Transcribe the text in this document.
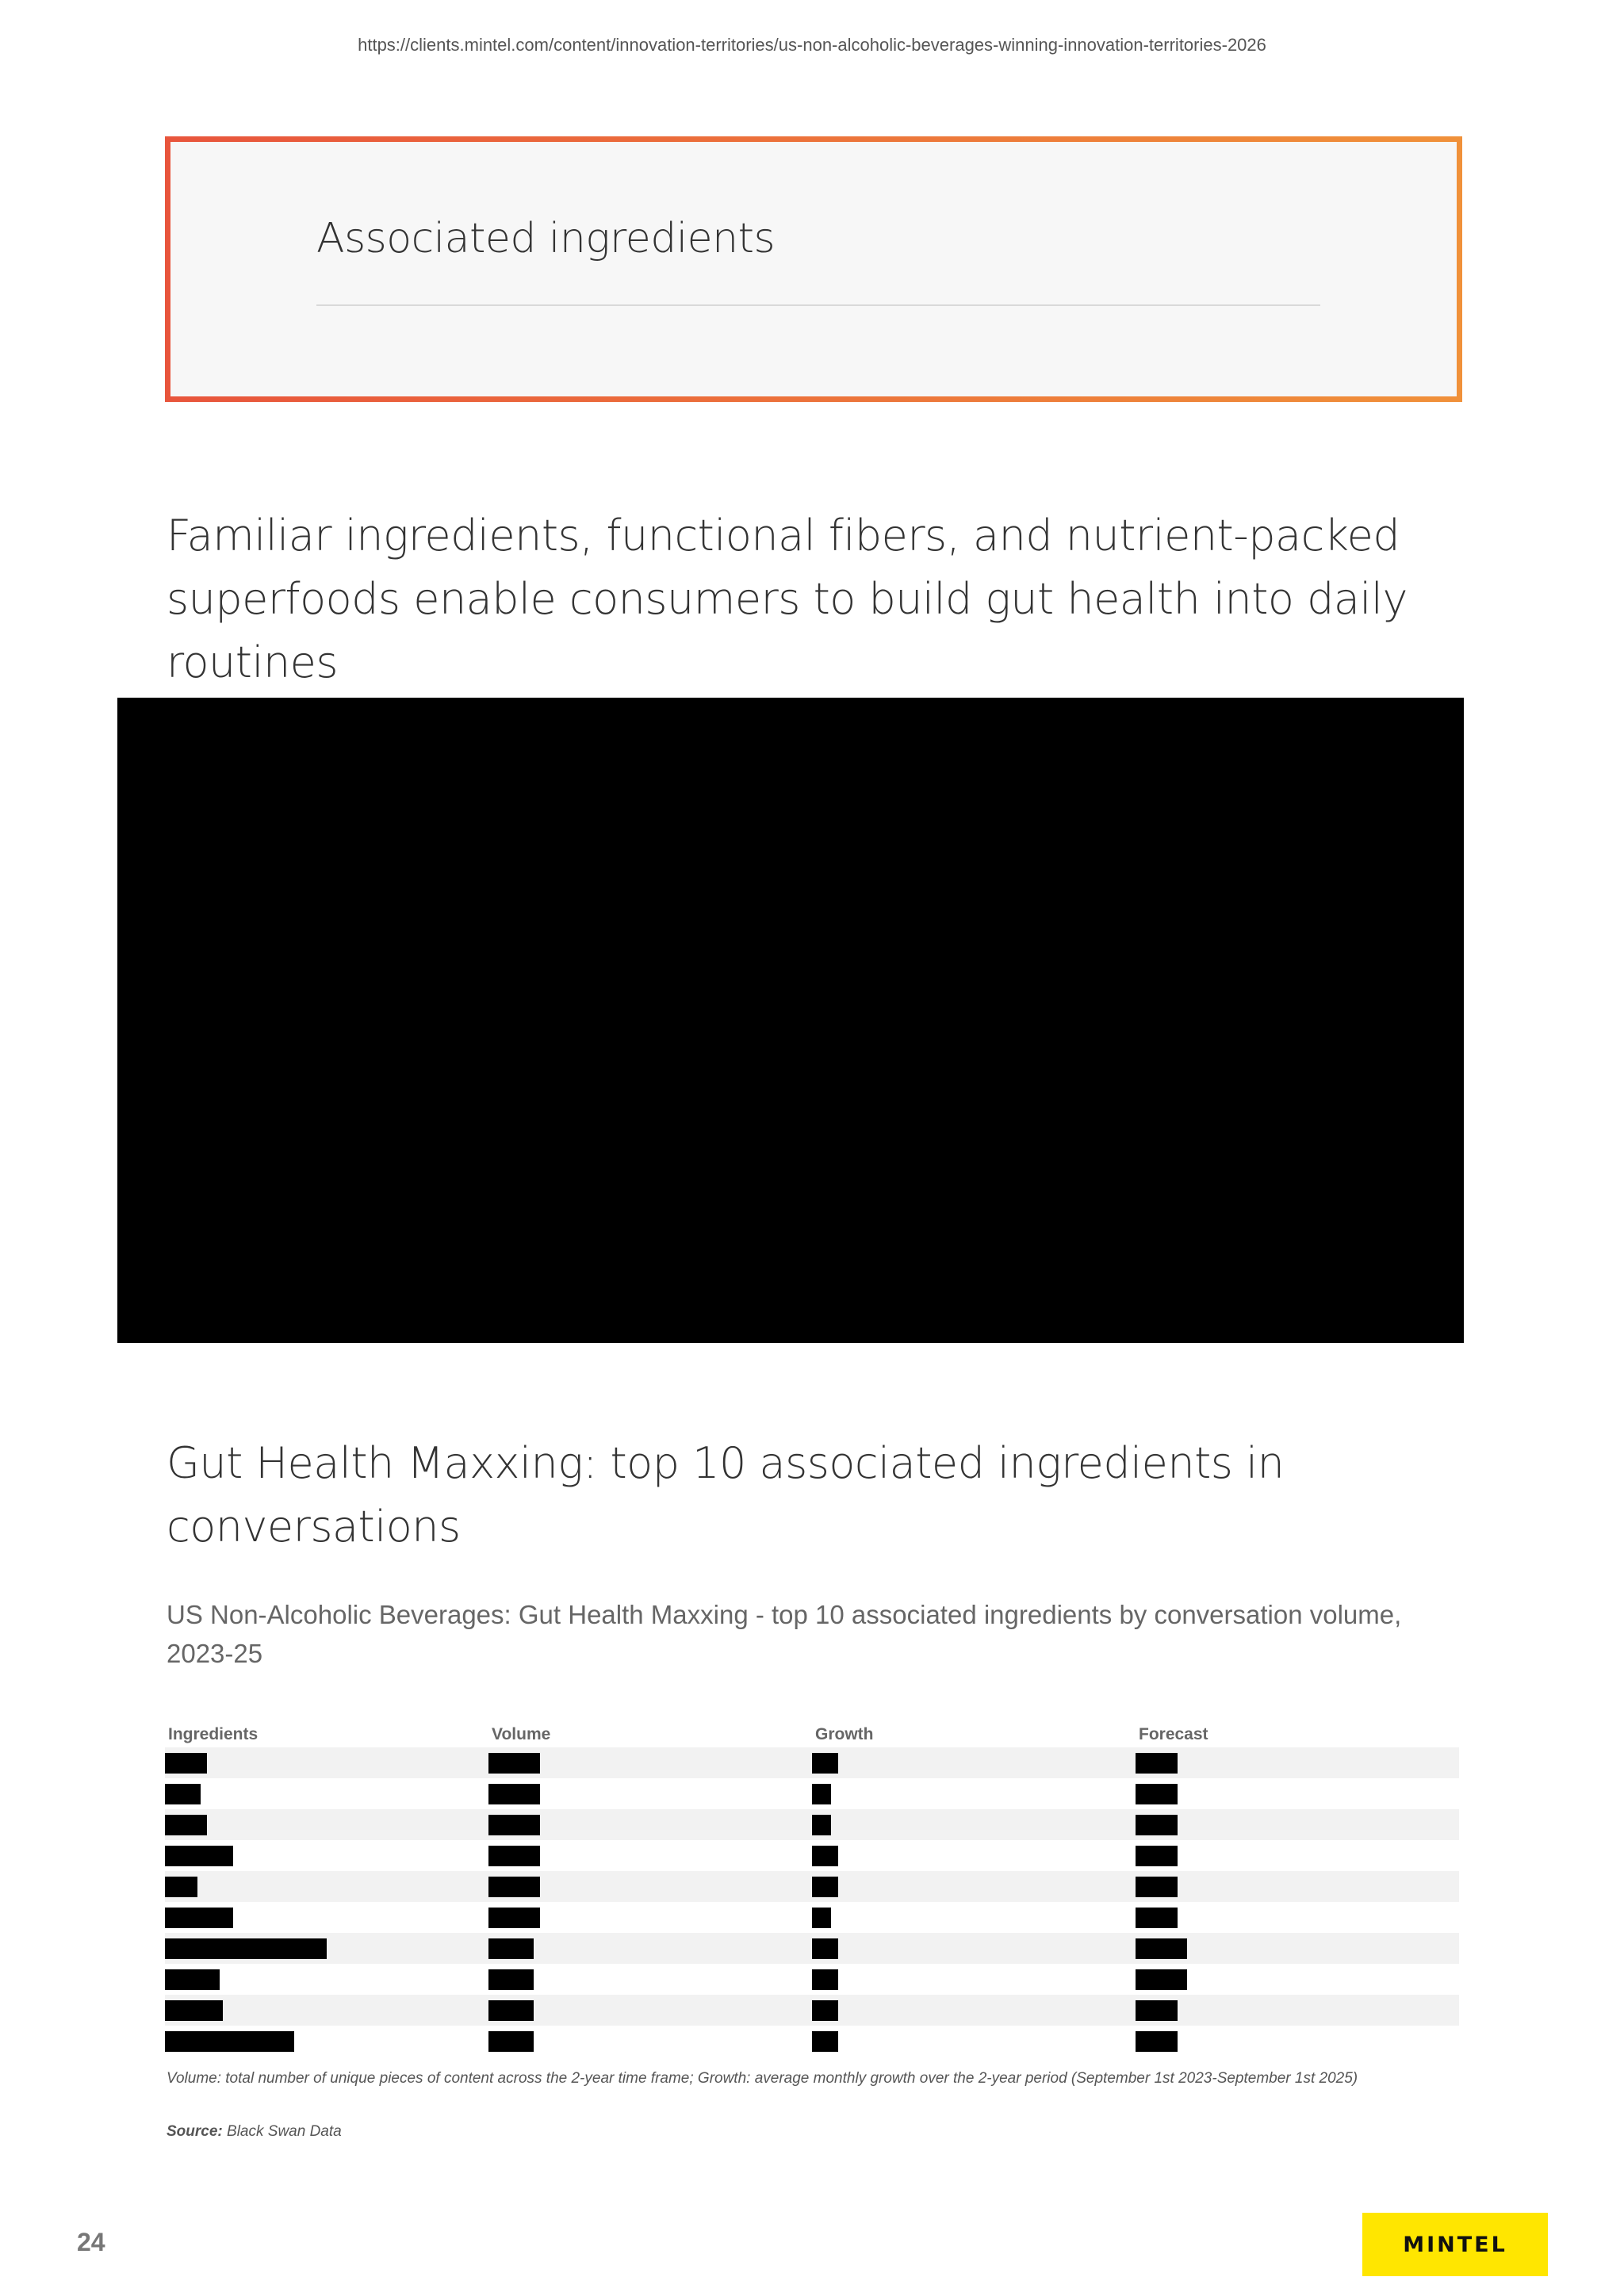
https://clients.mintel.com/content/innovation-territories/us-non-alcoholic-beverages-winning-innovation-territories-2026
Associated ingredients

Familiar ingredients, functional fibers, and nutrient-packed superfoods enable consumers to build gut health into daily routines

Gut Health Maxxing: top 10 associated ingredients in conversations

US Non-Alcoholic Beverages: Gut Health Maxxing - top 10 associated ingredients by conversation volume, 2023-25
Ingredients	Volume	Growth	Forecast
Volume: total number of unique pieces of content across the 2-year time frame; Growth: average monthly growth over the 2-year period (September 1st 2023-September 1st 2025)
Source: Black Swan Data
24	MINTEL
